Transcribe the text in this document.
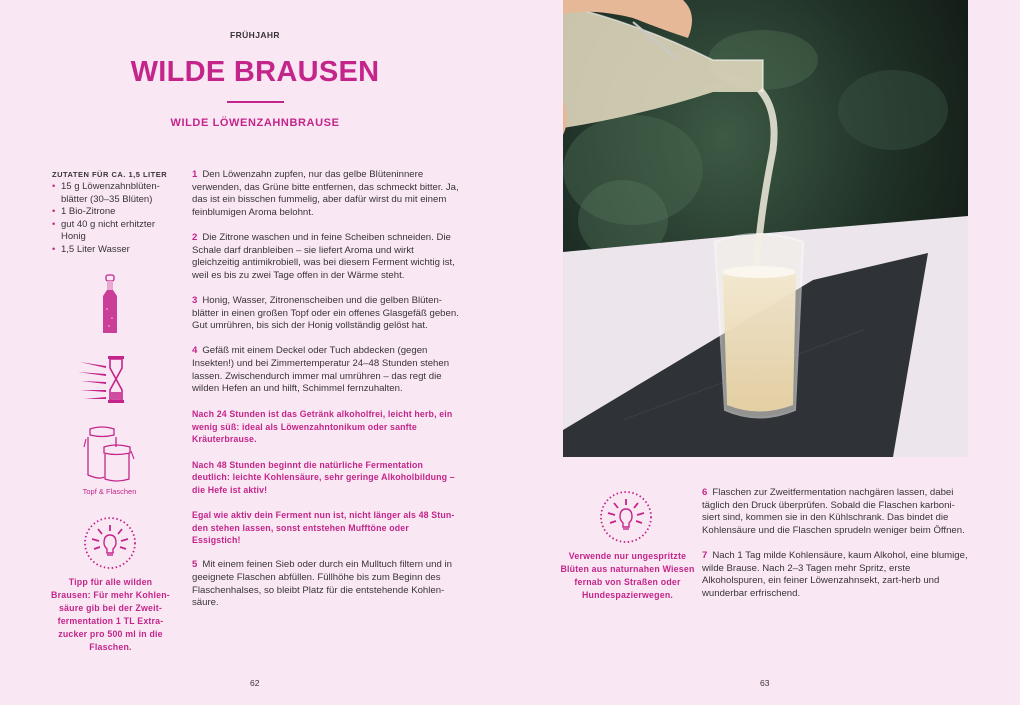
FRÜHJAHR
WILDE BRAUSEN
WILDE LÖWENZAHNBRAUSE
ZUTATEN FÜR CA. 1,5 LITER
• 15 g Löwenzahnblüten-blätter (30–35 Blüten)
• 1 Bio-Zitrone
• gut 40 g nicht erhitzter Honig
• 1,5 Liter Wasser
Topf & Flaschen
Tipp für alle wilden Brausen: Für mehr Kohlen-säure gib bei der Zweit-fermentation 1 TL Extra-zucker pro 500 ml in die Flaschen.

1 Den Löwenzahn zupfen, nur das gelbe Blüteninnere verwenden, das Grüne bitte entfernen, das schmeckt bitter. Ja, das ist ein bisschen fummelig, aber dafür wirst du mit einem feinblumigen Aroma belohnt.

2 Die Zitrone waschen und in feine Scheiben schneiden. Die Schale darf dranbleiben – sie liefert Aroma und wirkt gleichzeitig antimikrobiell, was bei diesem Ferment wichtig ist, weil es bis zu zwei Tage offen in der Wärme steht.

3 Honig, Wasser, Zitronenscheiben und die gelben Blüten-blätter in einen großen Topf oder ein offenes Glasgefäß geben. Gut umrühren, bis sich der Honig vollständig gelöst hat.

4 Gefäß mit einem Deckel oder Tuch abdecken (gegen Insekten!) und bei Zimmertemperatur 24–48 Stunden stehen lassen. Zwischendurch immer mal umrühren – das regt die wilden Hefen an und hilft, Schimmel fernzuhalten.

Nach 24 Stunden ist das Getränk alkoholfrei, leicht herb, ein wenig süß: ideal als Löwenzahntonikum oder sanfte Kräuterbrause.

Nach 48 Stunden beginnt die natürliche Fermentation deutlich: leichte Kohlensäure, sehr geringe Alkoholbildung – die Hefe ist aktiv!

Egal wie aktiv dein Ferment nun ist, nicht länger als 48 Stun-den stehen lassen, sonst entstehen Mufftöne oder Essigstich!

5 Mit einem feinen Sieb oder durch ein Mulltuch filtern und in geeignete Flaschen abfüllen. Füllhöhe bis zum Beginn des Flaschenhalses, so bleibt Platz für die entstehende Kohlen-säure.

62	63
Verwende nur ungespritzte Blüten aus naturnahen Wiesen fernab von Straßen oder Hundespazierwegen.

6 Flaschen zur Zweitfermentation nachgären lassen, dabei täglich den Druck überprüfen. Sobald die Flaschen karboni-siert sind, kommen sie in den Kühlschrank. Das bindet die Kohlensäure und die Flaschen sprudeln weniger beim Öffnen.

7 Nach 1 Tag milde Kohlensäure, kaum Alkohol, eine blumige, wilde Brause. Nach 2–3 Tagen mehr Spritz, erste Alkoholspuren, ein feiner Löwenzahnsekt, zart-herb und wunderbar erfrischend.
